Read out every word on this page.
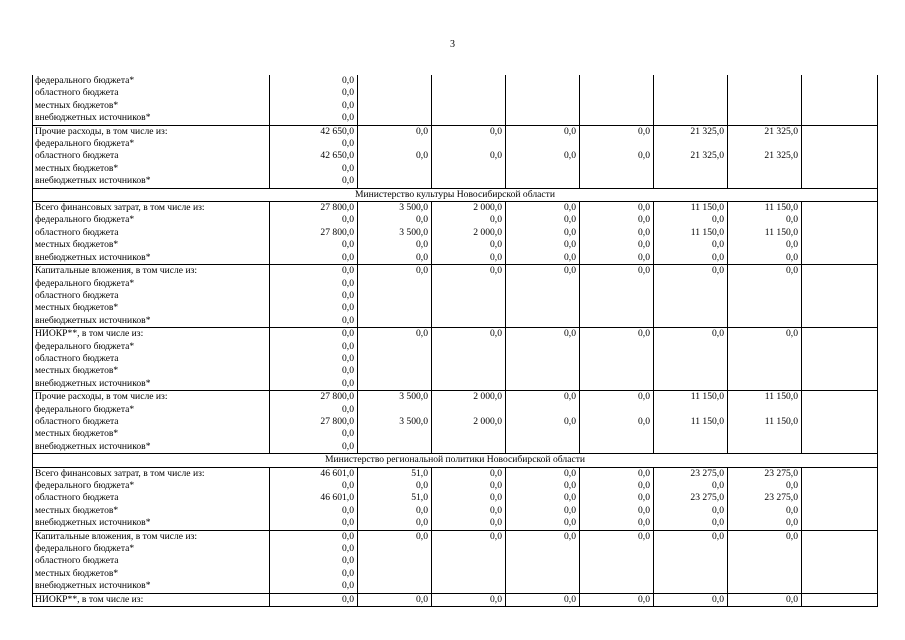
3
федерального бюджета*	0,0							
областного бюджета	0,0							
местных бюджетов*	0,0							
внебюджетных источников*	0,0							
Прочие расходы, в том числе из:	42 650,0	0,0	0,0	0,0	0,0	21 325,0	21 325,0	
федерального бюджета*	0,0							
областного бюджета	42 650,0	0,0	0,0	0,0	0,0	21 325,0	21 325,0	
местных бюджетов*	0,0							
внебюджетных источников*	0,0							
Министерство культуры Новосибирской области								
Всего финансовых затрат, в том числе из:	27 800,0	3 500,0	2 000,0	0,0	0,0	11 150,0	11 150,0	
федерального бюджета*	0,0	0,0	0,0	0,0	0,0	0,0	0,0	
областного бюджета	27 800,0	3 500,0	2 000,0	0,0	0,0	11 150,0	11 150,0	
местных бюджетов*	0,0	0,0	0,0	0,0	0,0	0,0	0,0	
внебюджетных источников*	0,0	0,0	0,0	0,0	0,0	0,0	0,0	
Капитальные вложения, в том числе из:	0,0	0,0	0,0	0,0	0,0	0,0	0,0	
федерального бюджета*	0,0							
областного бюджета	0,0							
местных бюджетов*	0,0							
внебюджетных источников*	0,0							
НИОКР**, в том числе из:	0,0	0,0	0,0	0,0	0,0	0,0	0,0	
федерального бюджета*	0,0							
областного бюджета	0,0							
местных бюджетов*	0,0							
внебюджетных источников*	0,0							
Прочие расходы, в том числе из:	27 800,0	3 500,0	2 000,0	0,0	0,0	11 150,0	11 150,0	
федерального бюджета*	0,0							
областного бюджета	27 800,0	3 500,0	2 000,0	0,0	0,0	11 150,0	11 150,0	
местных бюджетов*	0,0							
внебюджетных источников*	0,0							
Министерство региональной политики Новосибирской области								
Всего финансовых затрат, в том числе из:	46 601,0	51,0	0,0	0,0	0,0	23 275,0	23 275,0	
федерального бюджета*	0,0	0,0	0,0	0,0	0,0	0,0	0,0	
областного бюджета	46 601,0	51,0	0,0	0,0	0,0	23 275,0	23 275,0	
местных бюджетов*	0,0	0,0	0,0	0,0	0,0	0,0	0,0	
внебюджетных источников*	0,0	0,0	0,0	0,0	0,0	0,0	0,0	
Капитальные вложения, в том числе из:	0,0	0,0	0,0	0,0	0,0	0,0	0,0	
федерального бюджета*	0,0							
областного бюджета	0,0							
местных бюджетов*	0,0							
внебюджетных источников*	0,0							
НИОКР**, в том числе из:	0,0	0,0	0,0	0,0	0,0	0,0	0,0	
